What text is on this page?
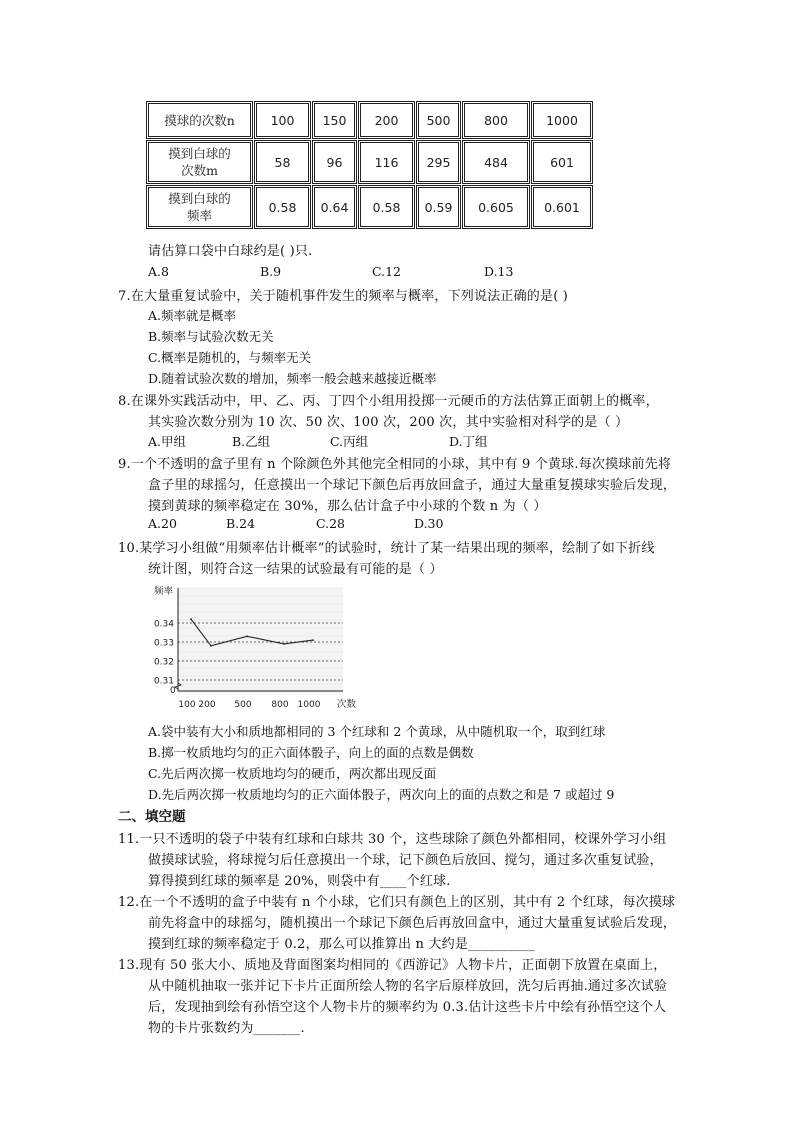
摸球的次数n	100	150	200	500	800	1000
摸到白球的
次数m
58	96	116	295	484	601
摸到白球的
频率
0.58	0.64	0.58	0.59	0.605	0.601
请估算口袋中白球约是( )只.
A.8	B.9	C.12	D.13
7.在大量重复试验中，关于随机事件发生的频率与概率，下列说法正确的是( )
A.频率就是概率
B.频率与试验次数无关
C.概率是随机的，与频率无关
D.随着试验次数的增加，频率一般会越来越接近概率
8.在课外实践活动中，甲、乙、丙、丁四个小组用投掷一元硬币的方法估算正面朝上的概率，
其实验次数分别为 10 次、50 次、100 次，200 次，其中实验相对科学的是（ ）
A.甲组	B.乙组	C.丙组	D.丁组
9.一个不透明的盒子里有 n 个除颜色外其他完全相同的小球，其中有 9 个黄球.每次摸球前先将
盒子里的球摇匀，任意摸出一个球记下颜色后再放回盒子，通过大量重复摸球实验后发现，
摸到黄球的频率稳定在 30%，那么估计盒子中小球的个数 n 为（ ）
A.20	B.24	C.28	D.30
10.某学习小组做“用频率估计概率”的试验时，统计了某一结果出现的频率，绘制了如下折线
统计图，则符合这一结果的试验最有可能的是（ ）
0.31
0.32
0.33
0.34
频率
次数
0
100 200 500 800 1000
A.袋中装有大小和质地都相同的 3 个红球和 2 个黄球，从中随机取一个，取到红球
B.掷一枚质地均匀的正六面体骰子，向上的面的点数是偶数
C.先后两次掷一枚质地均匀的硬币，两次都出现反面
D.先后两次掷一枚质地均匀的正六面体骰子，两次向上的面的点数之和是 7 或超过 9
二、填空题
11.一只不透明的袋子中装有红球和白球共 30 个，这些球除了颜色外都相同，校课外学习小组
做摸球试验，将球搅匀后任意摸出一个球，记下颜色后放回、搅匀，通过多次重复试验，
算得摸到红球的频率是 20%，则袋中有____个红球.
12.在一个不透明的盒子中装有 n 个小球，它们只有颜色上的区别，其中有 2 个红球，每次摸球
前先将盒中的球摇匀，随机摸出一个球记下颜色后再放回盒中，通过大量重复试验后发现，
摸到红球的频率稳定于 0.2，那么可以推算出 n 大约是__________
13.现有 50 张大小、质地及背面图案均相同的《西游记》人物卡片，正面朝下放置在桌面上，
从中随机抽取一张并记下卡片正面所绘人物的名字后原样放回，洗匀后再抽.通过多次试验
后，发现抽到绘有孙悟空这个人物卡片的频率约为 0.3.估计这些卡片中绘有孙悟空这个人
物的卡片张数约为_______.
